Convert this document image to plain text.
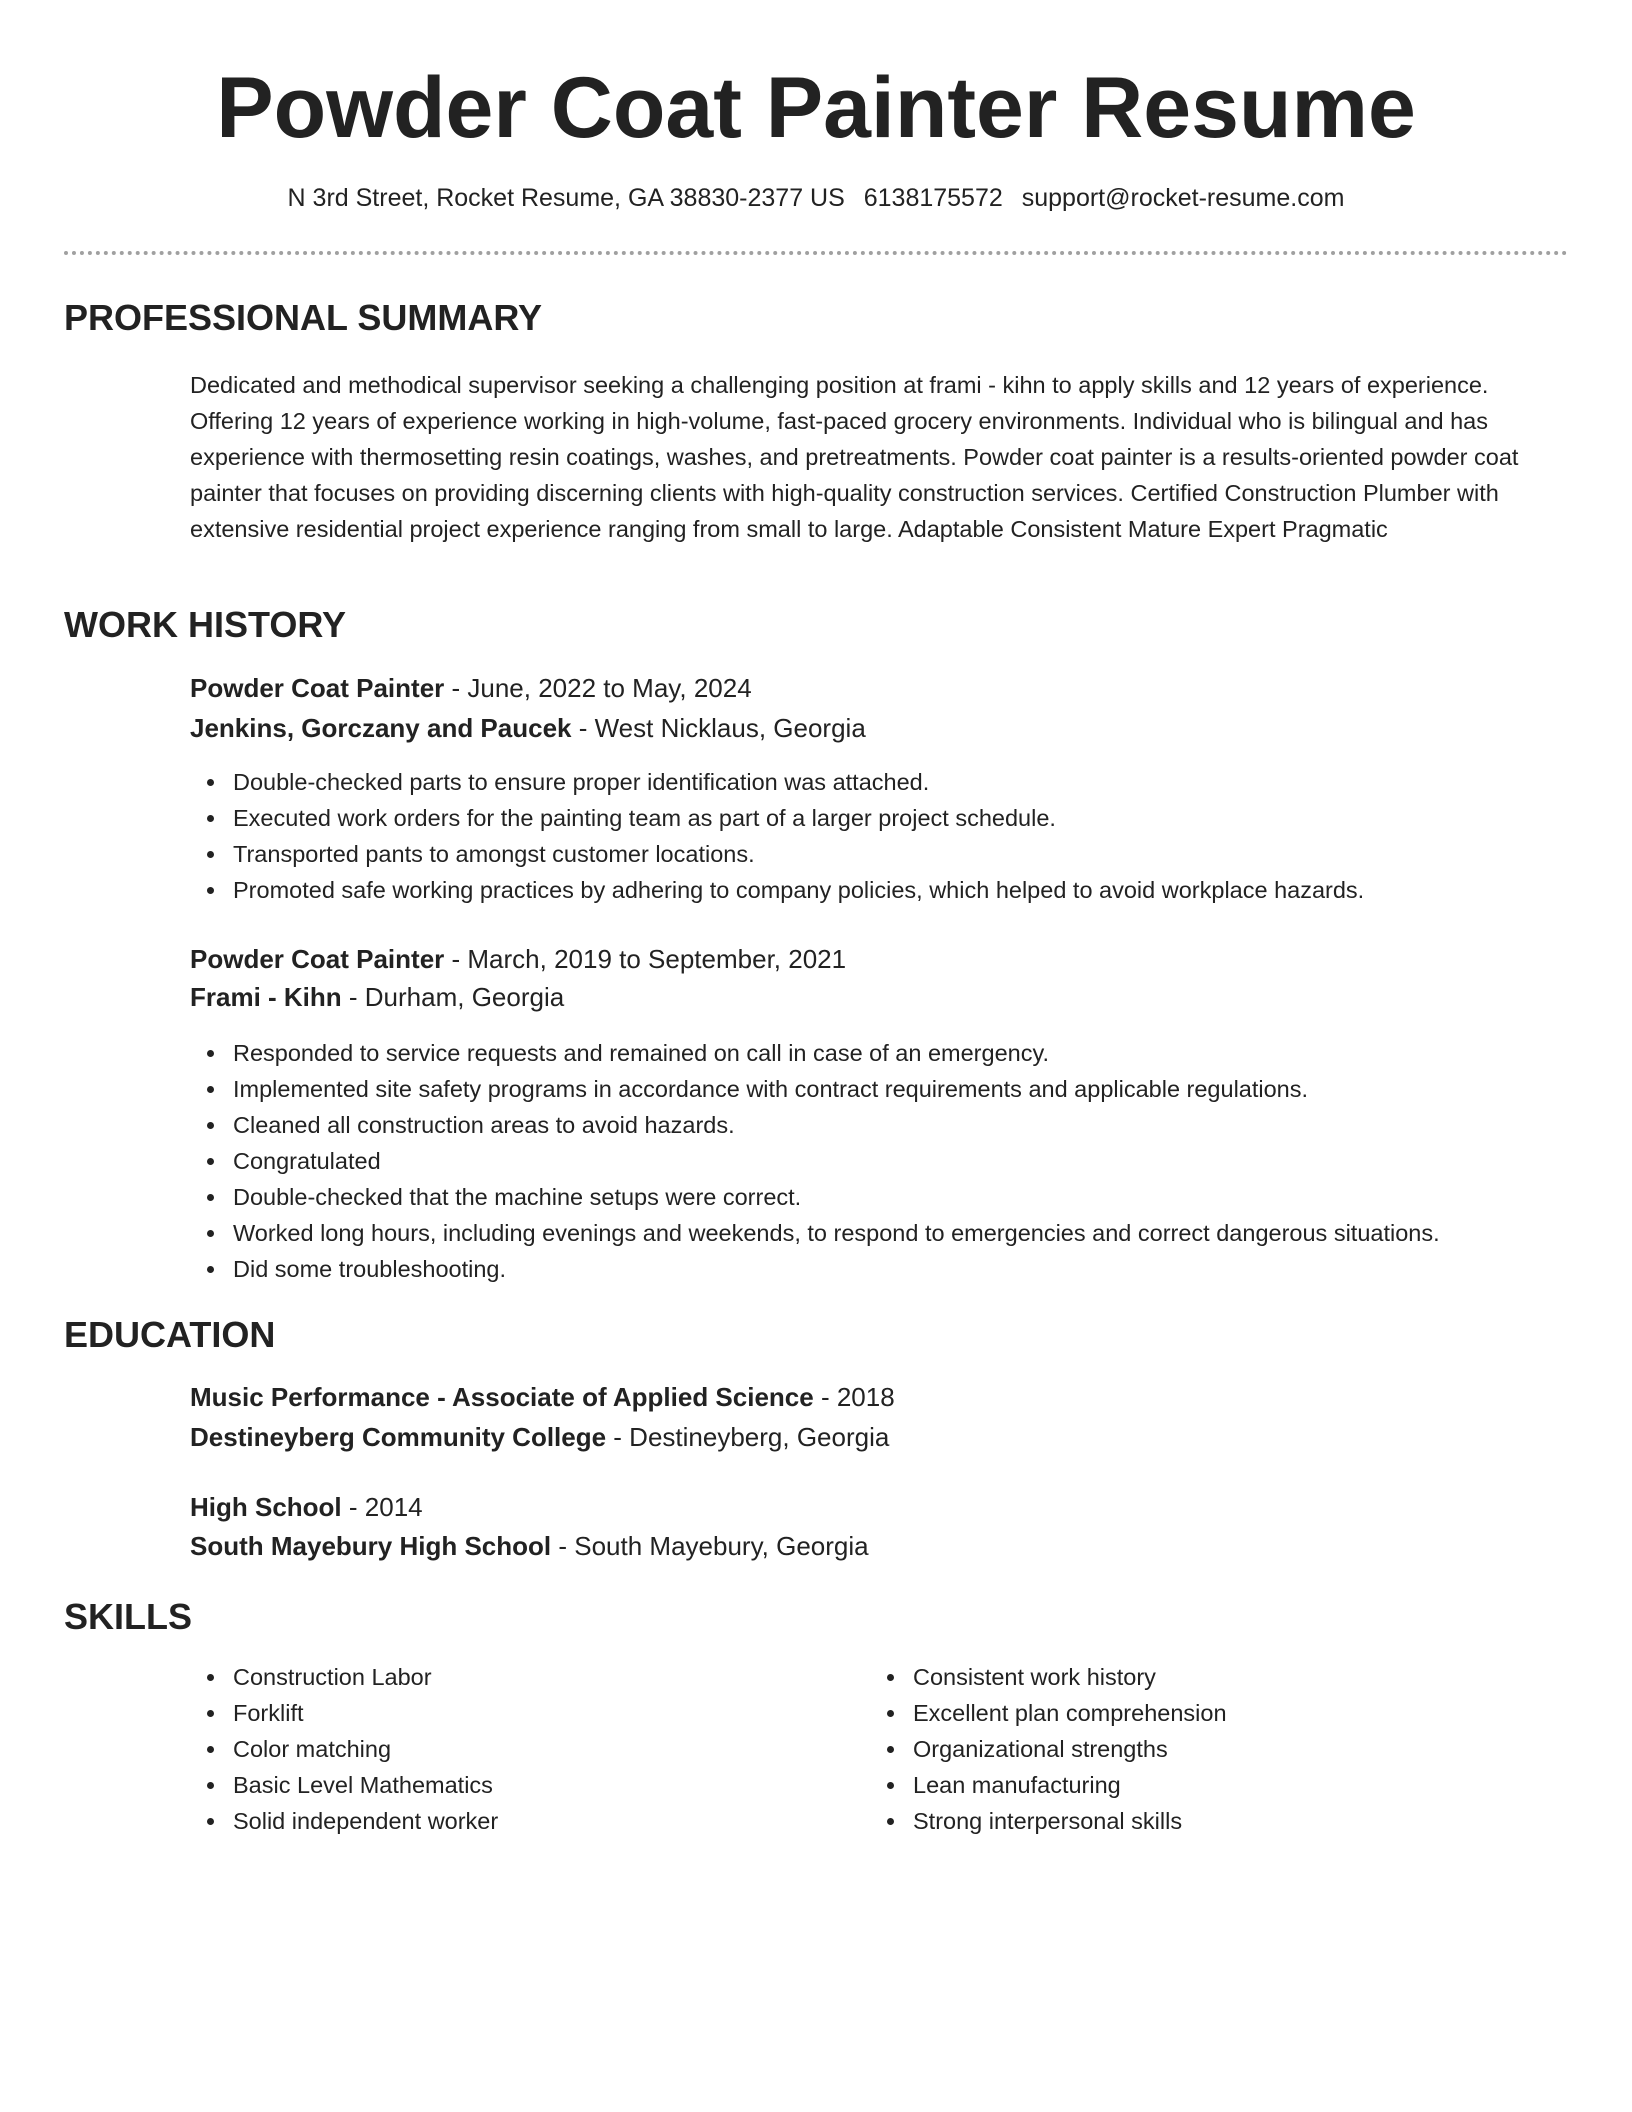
Powder Coat Painter Resume
N 3rd Street, Rocket Resume, GA 38830-2377 US 6138175572 support@rocket-resume.com
PROFESSIONAL SUMMARY

Dedicated and methodical supervisor seeking a challenging position at frami - kihn to apply skills and 12 years of experience. Offering 12 years of experience working in high-volume, fast-paced grocery environments. Individual who is bilingual and has experience with thermosetting resin coatings, washes, and pretreatments. Powder coat painter is a results-oriented powder coat painter that focuses on providing discerning clients with high-quality construction services. Certified Construction Plumber with extensive residential project experience ranging from small to large. Adaptable Consistent Mature Expert Pragmatic

WORK HISTORY

Powder Coat Painter - June, 2022 to May, 2024

Jenkins, Gorczany and Paucek - West Nicklaus, Georgia

Double-checked parts to ensure proper identification was attached.
Executed work orders for the painting team as part of a larger project schedule.
Transported pants to amongst customer locations.
Promoted safe working practices by adhering to company policies, which helped to avoid workplace hazards.

Powder Coat Painter - March, 2019 to September, 2021

Frami - Kihn - Durham, Georgia

Responded to service requests and remained on call in case of an emergency.
Implemented site safety programs in accordance with contract requirements and applicable regulations.
Cleaned all construction areas to avoid hazards.
Congratulated
Double-checked that the machine setups were correct.
Worked long hours, including evenings and weekends, to respond to emergencies and correct dangerous situations.
Did some troubleshooting.
EDUCATION

Music Performance - Associate of Applied Science - 2018

Destineyberg Community College - Destineyberg, Georgia

High School - 2014

South Mayebury High School - South Mayebury, Georgia

SKILLS
Construction Labor
Forklift
Color matching
Basic Level Mathematics
Solid independent worker
Consistent work history
Excellent plan comprehension
Organizational strengths
Lean manufacturing
Strong interpersonal skills
